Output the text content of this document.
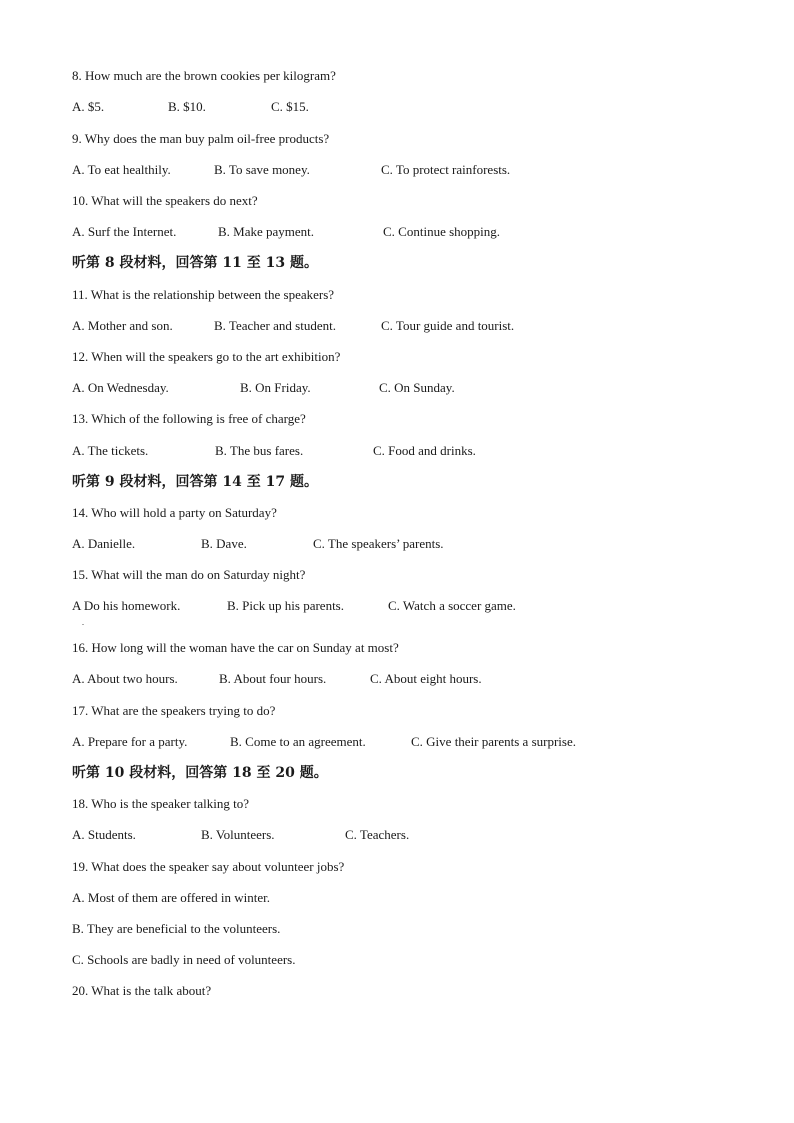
8. How much are the brown cookies per kilogram?
A. $5.	B. $10.	C. $15.
9. Why does the man buy palm oil-free products?
A. To eat healthily.	B. To save money.	C. To protect rainforests.
10. What will the speakers do next?
A. Surf the Internet.	B. Make payment.	C. Continue shopping.
听第 8 段材料，回答第 11 至 13 题。
11. What is the relationship between the speakers?
A. Mother and son.	B. Teacher and student.	C. Tour guide and tourist.
12. When will the speakers go to the art exhibition?
A. On Wednesday.	B. On Friday.	C. On Sunday.
13. Which of the following is free of charge?
A. The tickets.	B. The bus fares.	C. Food and drinks.
听第 9 段材料，回答第 14 至 17 题。
14. Who will hold a party on Saturday?
A. Danielle.	B. Dave.	C. The speakers’ parents.
15. What will the man do on Saturday night?
A Do his homework.	B. Pick up his parents.	C. Watch a soccer game.
.
16. How long will the woman have the car on Sunday at most?
A. About two hours.	B. About four hours.	C. About eight hours.
17. What are the speakers trying to do?
A. Prepare for a party.	B. Come to an agreement.	C. Give their parents a surprise.
听第 10 段材料，回答第 18 至 20 题。
18. Who is the speaker talking to?
A. Students.	B. Volunteers.	C. Teachers.
19. What does the speaker say about volunteer jobs?
A. Most of them are offered in winter.
B. They are beneficial to the volunteers.
C. Schools are badly in need of volunteers.
20. What is the talk about?
